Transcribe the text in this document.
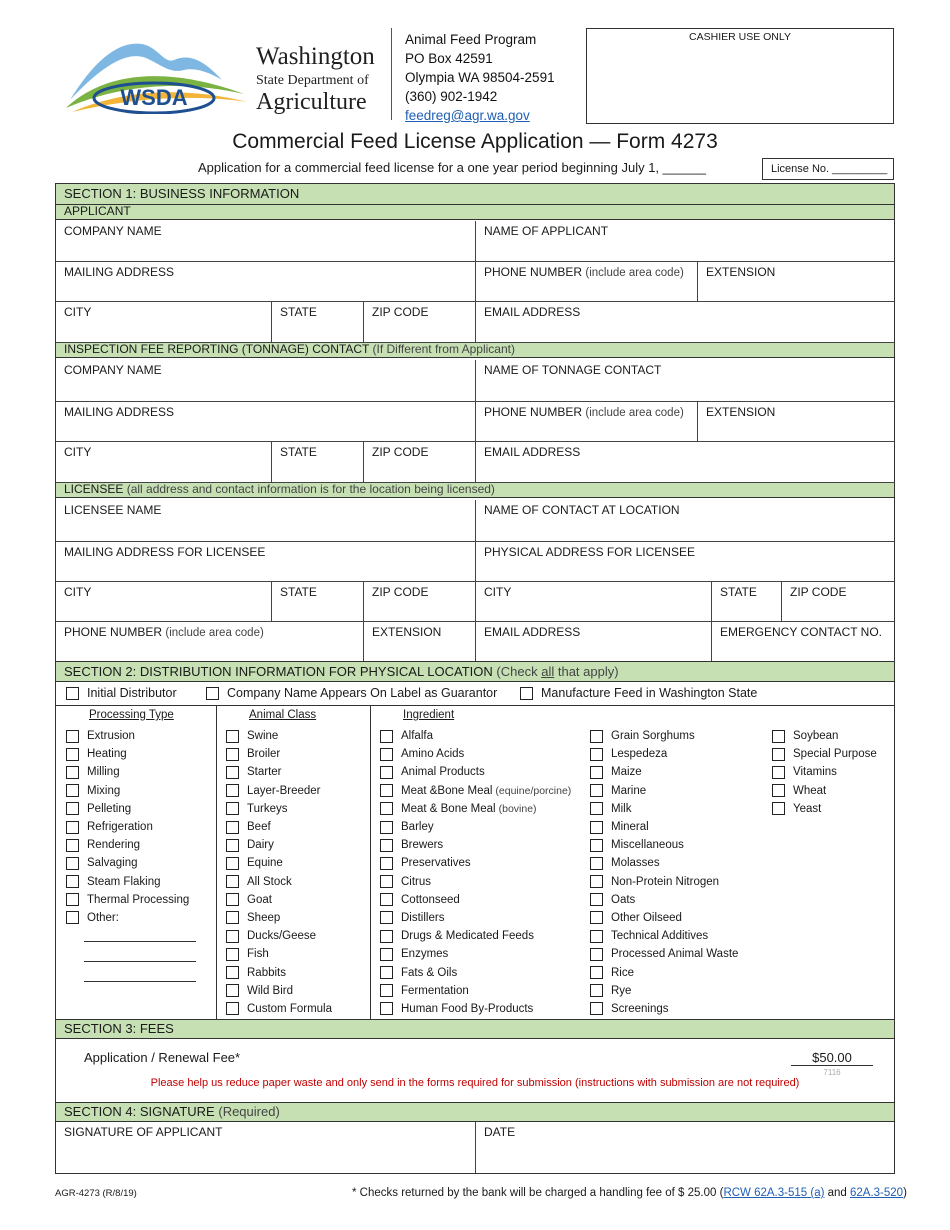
WSDA
Washington
State Department of
Agriculture
Animal Feed Program
PO Box 42591
Olympia WA 98504-2591
(360) 902-1942
feedreg@agr.wa.gov
CASHIER USE ONLY
Commercial Feed License Application — Form 4273
Application for a commercial feed license for a one year period beginning July 1, ______	License No. _________
SECTION 1: BUSINESS INFORMATION
APPLICANT
COMPANY NAME	NAME OF APPLICANT
MAILING ADDRESS	PHONE NUMBER (include area code)	EXTENSION
CITY	STATE	ZIP CODE	EMAIL ADDRESS
INSPECTION FEE REPORTING (TONNAGE) CONTACT (If Different from Applicant)
COMPANY NAME	NAME OF TONNAGE CONTACT
MAILING ADDRESS	PHONE NUMBER (include area code)	EXTENSION
CITY	STATE	ZIP CODE	EMAIL ADDRESS
LICENSEE (all address and contact information is for the location being licensed)
LICENSEE NAME	NAME OF CONTACT AT LOCATION
MAILING ADDRESS FOR LICENSEE	PHYSICAL ADDRESS FOR LICENSEE
CITY	STATE	ZIP CODE	CITY	STATE	ZIP CODE
PHONE NUMBER (include area code)	EXTENSION	EMAIL ADDRESS	EMERGENCY CONTACT NO.
SECTION 2: DISTRIBUTION INFORMATION FOR PHYSICAL LOCATION (Check all that apply)
Initial Distributor	Company Name Appears On Label as Guarantor	Manufacture Feed in Washington State
Processing Type
Extrusion
Heating
Milling
Mixing
Pelleting
Refrigeration
Rendering
Salvaging
Steam Flaking
Thermal Processing
Other:
Animal Class
Swine
Broiler
Starter
Layer-Breeder
Turkeys
Beef
Dairy
Equine
All Stock
Goat
Sheep
Ducks/Geese
Fish
Rabbits
Wild Bird
Custom Formula
Ingredient
Alfalfa
Amino Acids
Animal Products
Meat &Bone Meal (equine/porcine)
Meat & Bone Meal (bovine)
Barley
Brewers
Preservatives
Citrus
Cottonseed
Distillers
Drugs & Medicated Feeds
Enzymes
Fats & Oils
Fermentation
Human Food By-Products
Grain Sorghums
Lespedeza
Maize
Marine
Milk
Mineral
Miscellaneous
Molasses
Non-Protein Nitrogen
Oats
Other Oilseed
Technical Additives
Processed Animal Waste
Rice
Rye
Screenings
Soybean
Special Purpose
Vitamins
Wheat
Yeast
SECTION 3: FEES
Application / Renewal Fee*	$50.00
7116
Please help us reduce paper waste and only send in the forms required for submission (instructions with submission are not required)
SECTION 4: SIGNATURE (Required)
SIGNATURE OF APPLICANT	DATE
AGR-4273 (R/8/19)	* Checks returned by the bank will be charged a handling fee of $ 25.00 (RCW 62A.3-515 (a) and 62A.3-520)
